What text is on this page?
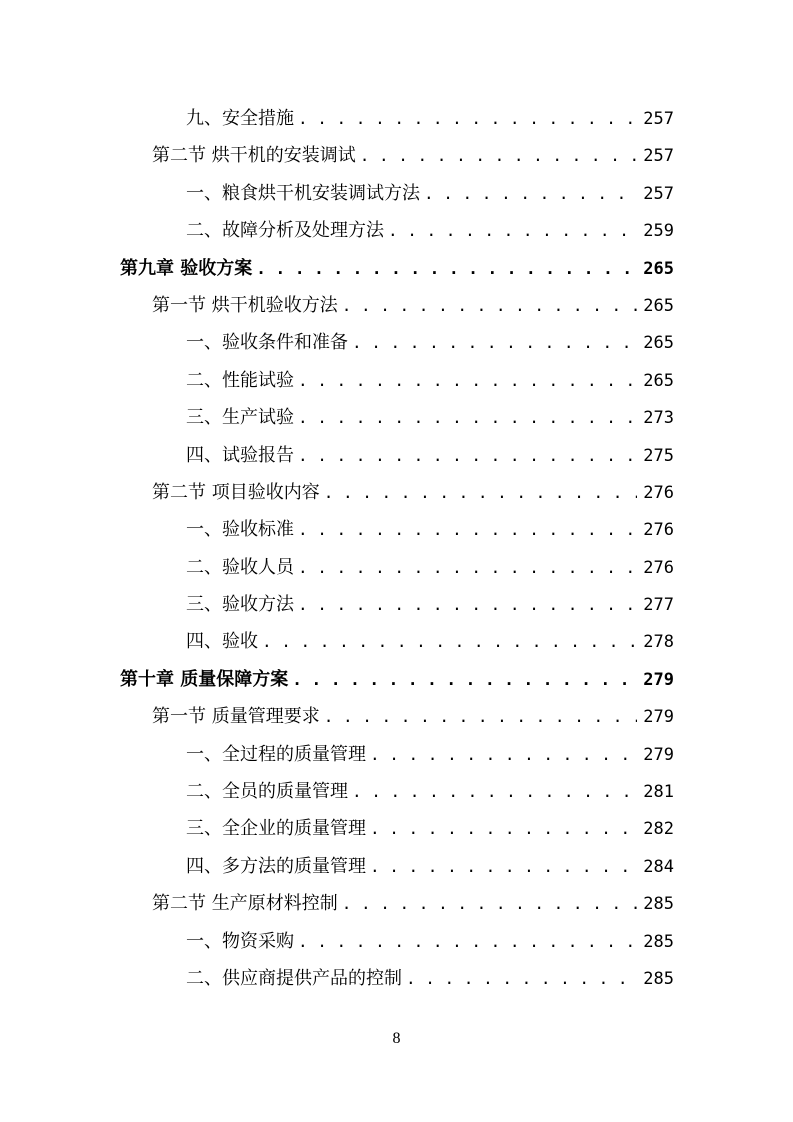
九、安全措施 . . .	257
第二节 烘干机的安装调试 . . .	257
一、粮食烘干机安装调试方法 . . .	257
二、故障分析及处理方法 . . .	259
第九章 验收方案 . . .	265
第一节 烘干机验收方法 . . .	265
一、验收条件和准备 . . .	265
二、性能试验 . . .	265
三、生产试验 . . .	273
四、试验报告 . . .	275
第二节 项目验收内容 . . .	276
一、验收标准 . . .	276
二、验收人员 . . .	276
三、验收方法 . . .	277
四、验收 . . .	278
第十章 质量保障方案 . . .	279
第一节 质量管理要求 . . .	279
一、全过程的质量管理 . . .	279
二、全员的质量管理 . . .	281
三、全企业的质量管理 . . .	282
四、多方法的质量管理 . . .	284
第二节 生产原材料控制 . . .	285
一、物资采购 . . .	285
二、供应商提供产品的控制 . . .	285
8
